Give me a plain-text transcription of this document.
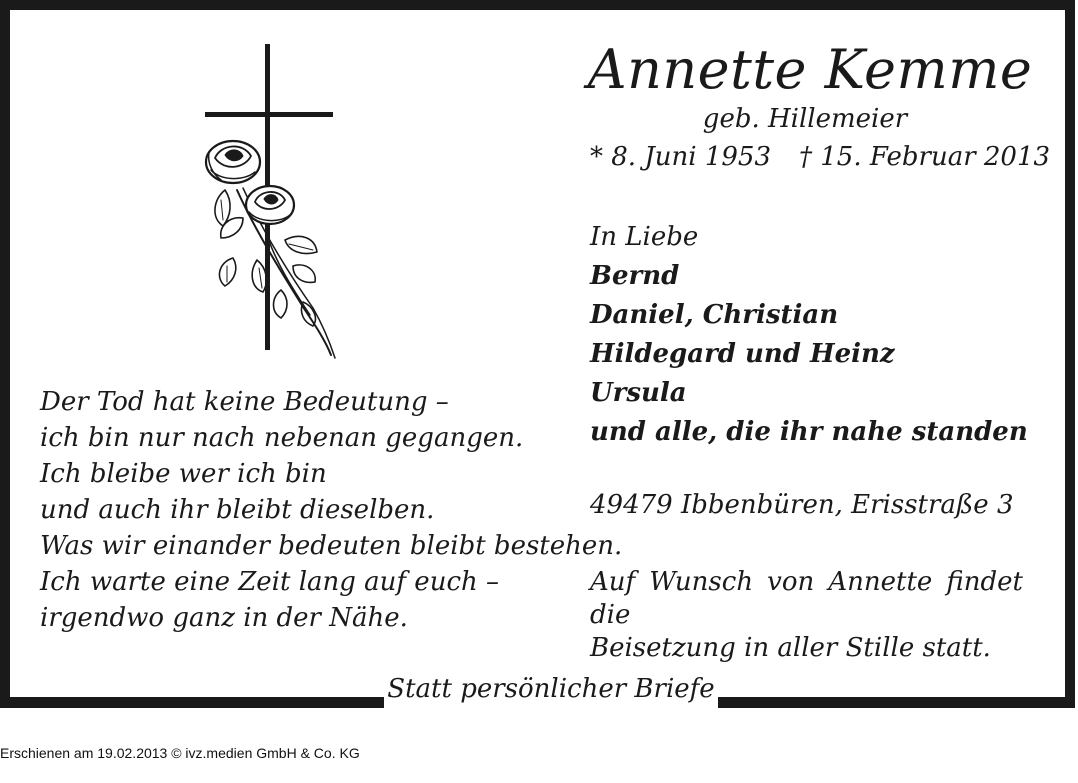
Annette Kemme
geb. Hillemeier
* 8. Juni 1953 † 15. Februar 2013
In Liebe
Bernd
Daniel, Christian
Hildegard und Heinz
Ursula
und alle, die ihr nahe standen
49479 Ibbenbüren, Erisstraße 3
Auf Wunsch von Annette findet die
Beisetzung in aller Stille statt.
Der Tod hat keine Bedeutung –
ich bin nur nach nebenan gegangen.
Ich bleibe wer ich bin
und auch ihr bleibt dieselben.
Was wir einander bedeuten bleibt bestehen.
Ich warte eine Zeit lang auf euch –
irgendwo ganz in der Nähe.
Statt persönlicher Briefe
Erschienen am 19.02.2013 © ivz.medien GmbH & Co. KG
